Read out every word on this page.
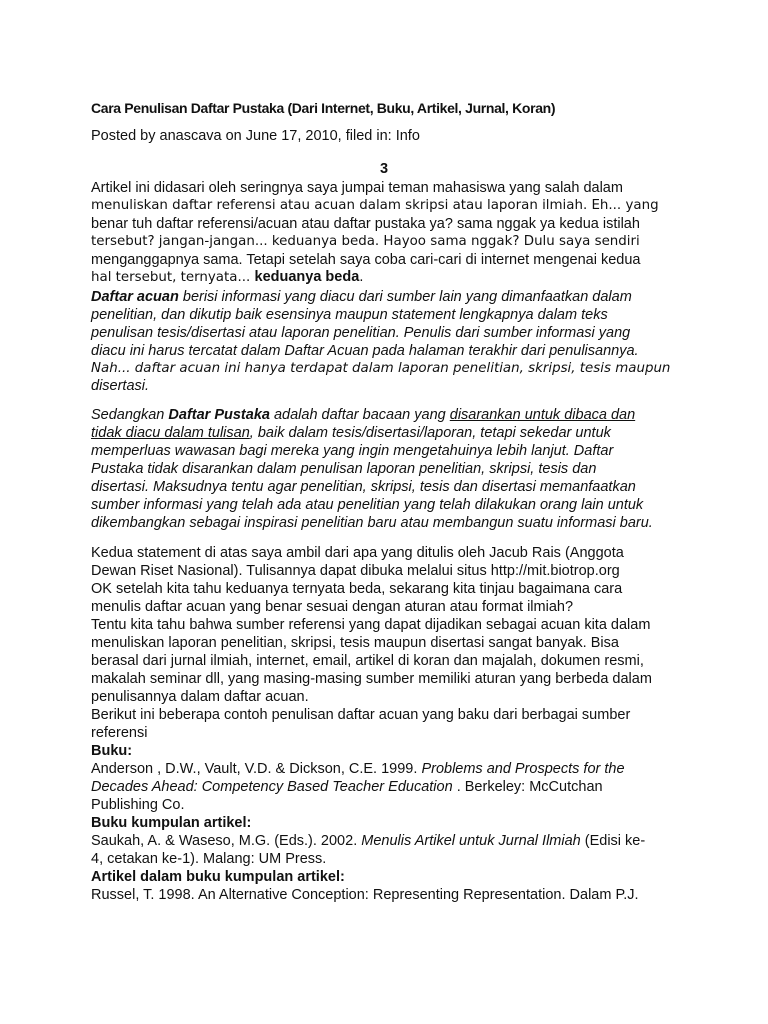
Cara Penulisan Daftar Pustaka (Dari Internet, Buku, Artikel, Jurnal, Koran)
Posted by anascava on June 17, 2010, filed in: Info
3
Artikel ini didasari oleh seringnya saya jumpai teman mahasiswa yang salah dalam
menuliskan daftar referensi atau acuan dalam skripsi atau laporan ilmiah. Eh... yang
benar tuh daftar referensi/acuan atau daftar pustaka ya? sama nggak ya kedua istilah
tersebut? jangan-jangan... keduanya beda. Hayoo sama nggak? Dulu saya sendiri
menganggapnya sama. Tetapi setelah saya coba cari-cari di internet mengenai kedua
hal tersebut, ternyata... keduanya beda.
Daftar acuan berisi informasi yang diacu dari sumber lain yang dimanfaatkan dalam
penelitian, dan dikutip baik esensinya maupun statement lengkapnya dalam teks
penulisan tesis/disertasi atau laporan penelitian. Penulis dari sumber informasi yang
diacu ini harus tercatat dalam Daftar Acuan pada halaman terakhir dari penulisannya.
Nah... daftar acuan ini hanya terdapat dalam laporan penelitian, skripsi, tesis maupun
disertasi.
Sedangkan Daftar Pustaka adalah daftar bacaan yang disarankan untuk dibaca dan
tidak diacu dalam tulisan, baik dalam tesis/disertasi/laporan, tetapi sekedar untuk
memperluas wawasan bagi mereka yang ingin mengetahuinya lebih lanjut. Daftar
Pustaka tidak disarankan dalam penulisan laporan penelitian, skripsi, tesis dan
disertasi. Maksudnya tentu agar penelitian, skripsi, tesis dan disertasi memanfaatkan
sumber informasi yang telah ada atau penelitian yang telah dilakukan orang lain untuk
dikembangkan sebagai inspirasi penelitian baru atau membangun suatu informasi baru.
Kedua statement di atas saya ambil dari apa yang ditulis oleh Jacub Rais (Anggota
Dewan Riset Nasional). Tulisannya dapat dibuka melalui situs http://mit.biotrop.org
OK setelah kita tahu keduanya ternyata beda, sekarang kita tinjau bagaimana cara
menulis daftar acuan yang benar sesuai dengan aturan atau format ilmiah?
Tentu kita tahu bahwa sumber referensi yang dapat dijadikan sebagai acuan kita dalam
menuliskan laporan penelitian, skripsi, tesis maupun disertasi sangat banyak. Bisa
berasal dari jurnal ilmiah, internet, email, artikel di koran dan majalah, dokumen resmi,
makalah seminar dll, yang masing-masing sumber memiliki aturan yang berbeda dalam
penulisannya dalam daftar acuan.
Berikut ini beberapa contoh penulisan daftar acuan yang baku dari berbagai sumber
referensi
Buku:
Anderson , D.W., Vault, V.D. & Dickson, C.E. 1999. Problems and Prospects for the
Decades Ahead: Competency Based Teacher Education . Berkeley: McCutchan
Publishing Co.
Buku kumpulan artikel:
Saukah, A. & Waseso, M.G. (Eds.). 2002. Menulis Artikel untuk Jurnal Ilmiah (Edisi ke-
4, cetakan ke-1). Malang: UM Press.
Artikel dalam buku kumpulan artikel:
Russel, T. 1998. An Alternative Conception: Representing Representation. Dalam P.J.
